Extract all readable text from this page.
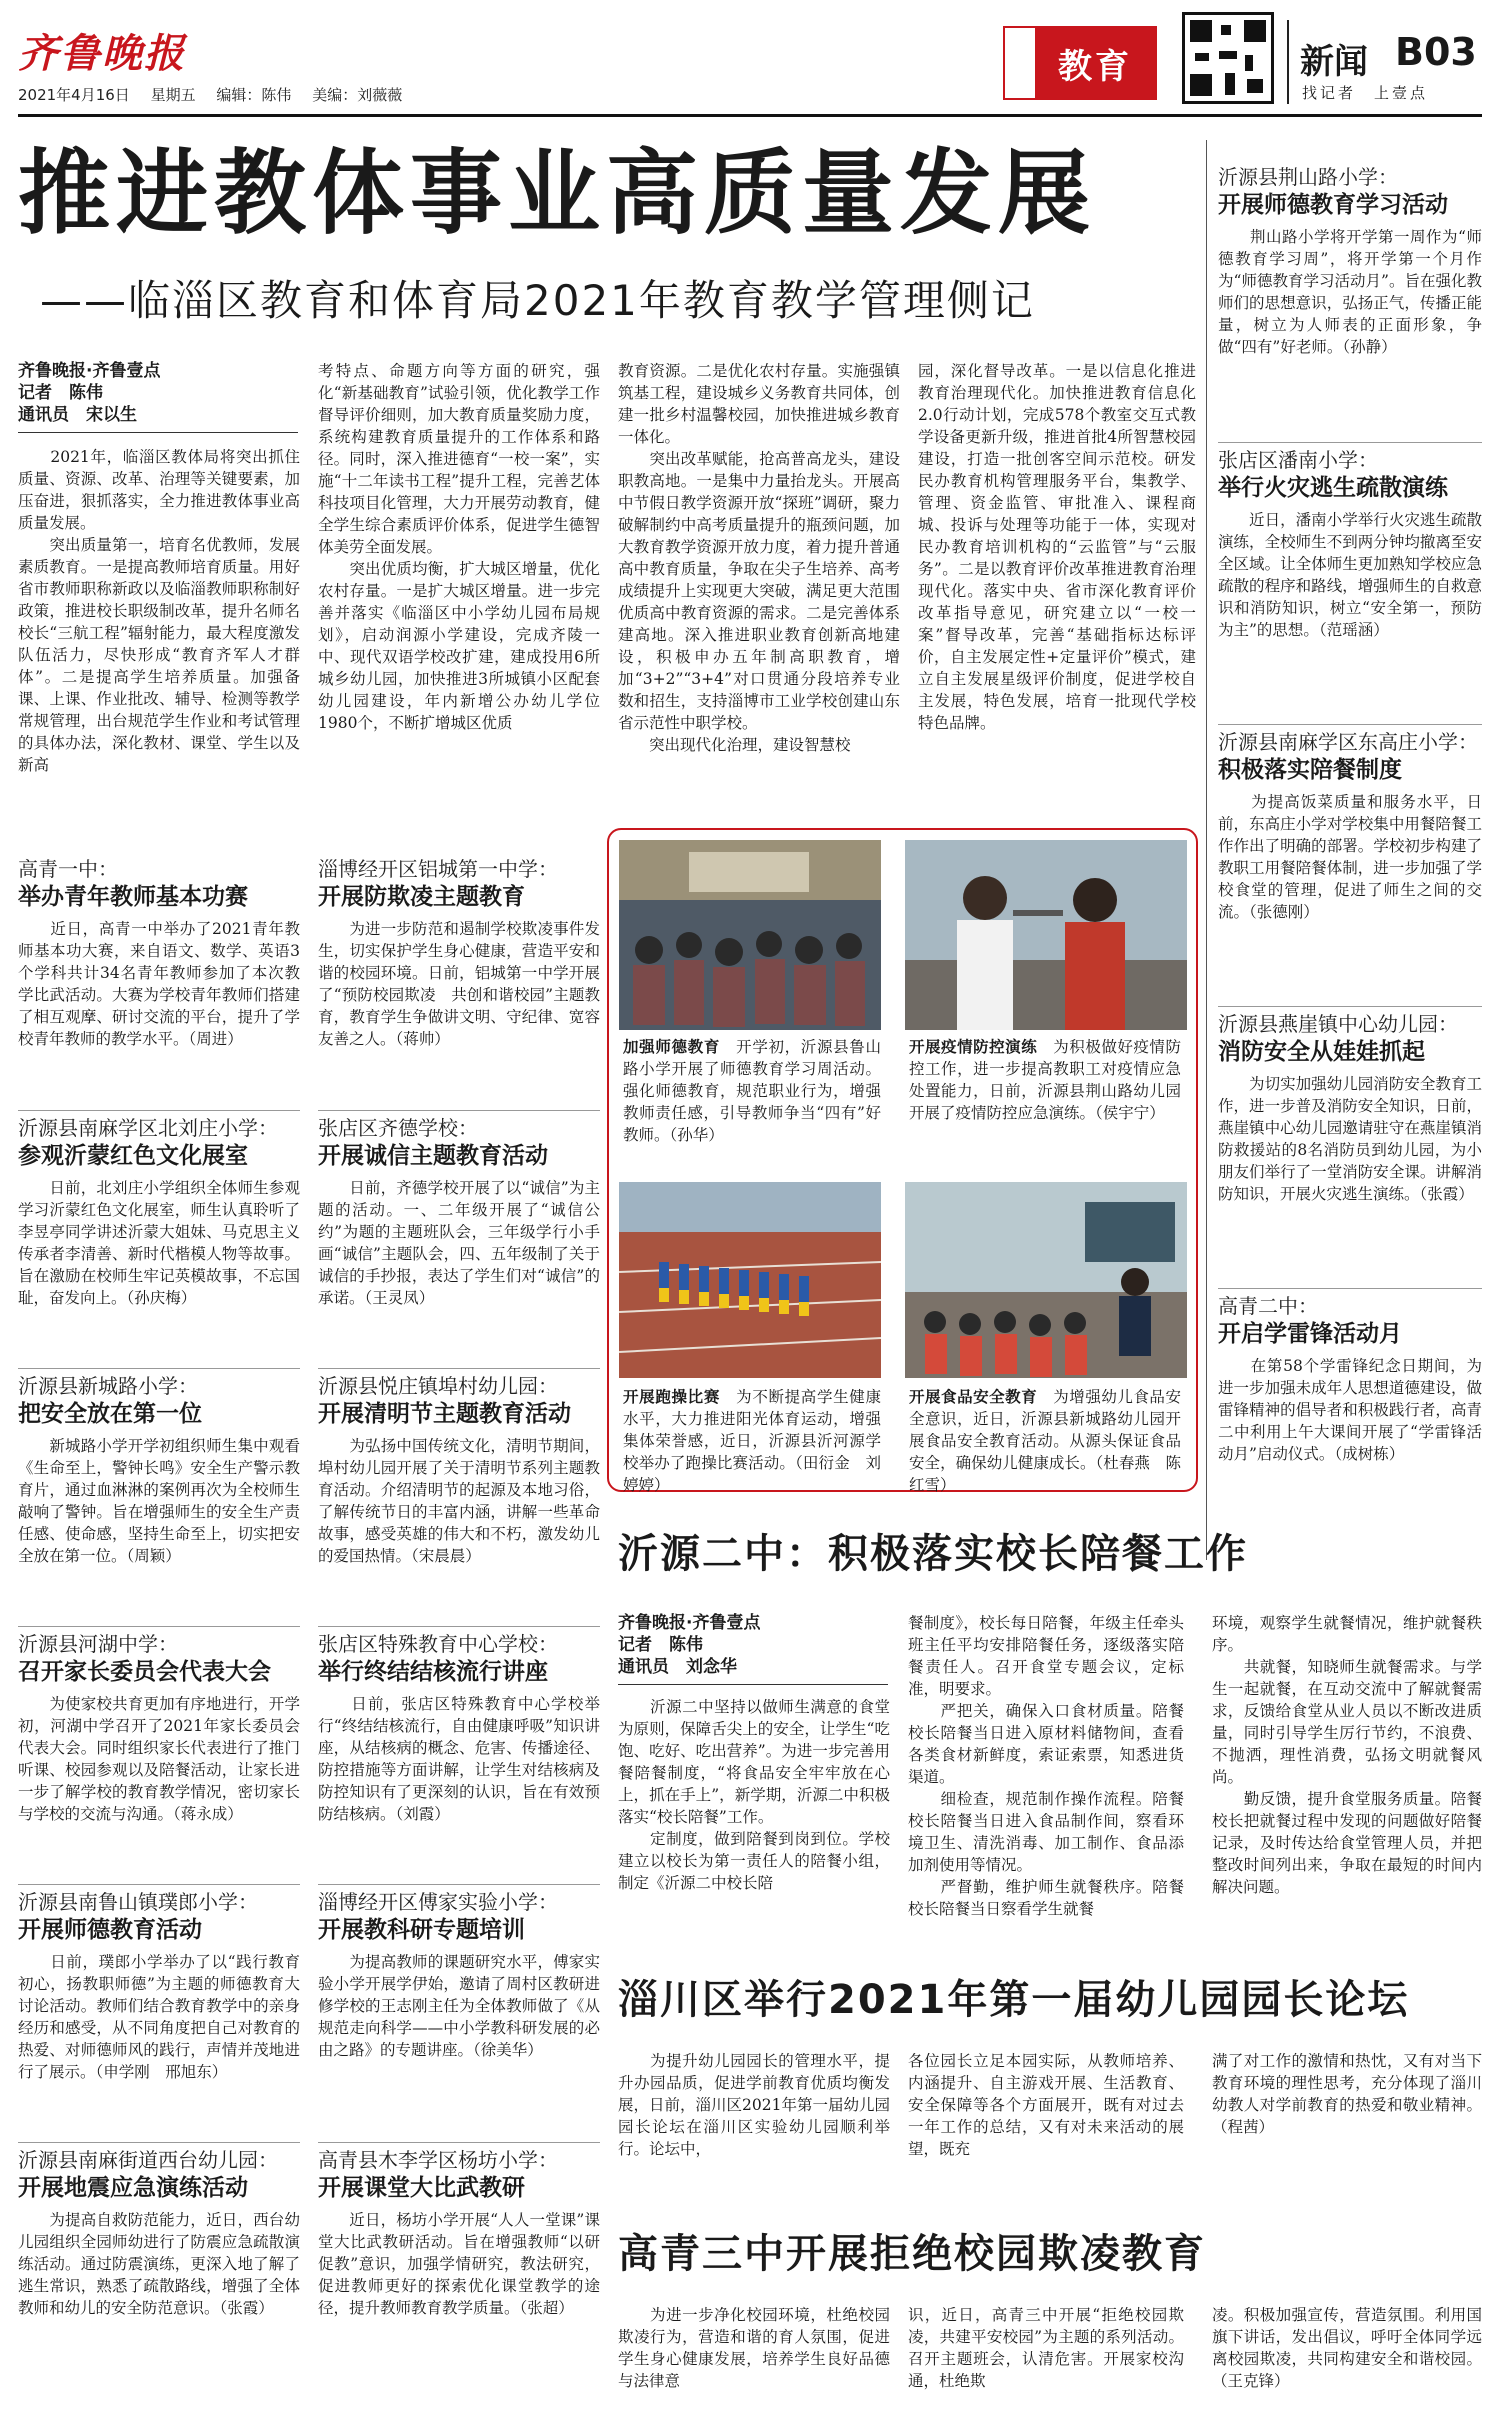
齐鲁晚报
2021年4月16日 星期五 编辑：陈伟 美编：刘薇薇
教育	新闻 B03
找记者　上壹点
推进教体事业高质量发展
——临淄区教育和体育局2021年教育教学管理侧记
齐鲁晚报·齐鲁壹点
记者　陈伟
通讯员　宋以生
　　2021年，临淄区教体局将突出抓住质量、资源、改革、治理等关键要素，加压奋进，狠抓落实，全力推进教体事业高质量发展。
　　突出质量第一，培育名优教师，发展素质教育。一是提高教师培育质量。用好省市教师职称新政以及临淄教师职称制好政策，推进校长职级制改革，提升名师名校长“三航工程”辐射能力，最大程度激发队伍活力，尽快形成“教育齐军人才群体”。二是提高学生培养质量。加强备课、上课、作业批改、辅导、检测等教学常规管理，出台规范学生作业和考试管理的具体办法，深化教材、课堂、学生以及新高
考特点、命题方向等方面的研究，强化“新基础教育”试验引领，优化教学工作督导评价细则，加大教育质量奖励力度，系统构建教育质量提升的工作体系和路径。同时，深入推进德育“一校一案”，实施“十二年读书工程”提升工程，完善艺体科技项目化管理，大力开展劳动教育，健全学生综合素质评价体系，促进学生德智体美劳全面发展。
　　突出优质均衡，扩大城区增量，优化农村存量。一是扩大城区增量。进一步完善并落实《临淄区中小学幼儿园布局规划》，启动润源小学建设，完成齐陵一中、现代双语学校改扩建，建成投用6所城乡幼儿园，加快推进3所城镇小区配套幼儿园建设，年内新增公办幼儿学位1980个，不断扩增城区优质
教育资源。二是优化农村存量。实施强镇筑基工程，建设城乡义务教育共同体，创建一批乡村温馨校园，加快推进城乡教育一体化。
　　突出改革赋能，抢高普高龙头，建设职教高地。一是集中力量抬龙头。开展高中节假日教学资源开放“探班”调研，聚力破解制约中高考质量提升的瓶颈问题，加大教育教学资源开放力度，着力提升普通高中教育质量，争取在尖子生培养、高考成绩提升上实现更大突破，满足更大范围优质高中教育资源的需求。二是完善体系建高地。深入推进职业教育创新高地建设，积极申办五年制高职教育，增加“3+2”“3+4”对口贯通分段培养专业数和招生，支持淄博市工业学校创建山东省示范性中职学校。
　　突出现代化治理，建设智慧校
园，深化督导改革。一是以信息化推进教育治理现代化。加快推进教育信息化2.0行动计划，完成578个教室交互式教学设备更新升级，推进首批4所智慧校园建设，打造一批创客空间示范校。研发民办教育机构管理服务平台，集教学、管理、资金监管、审批准入、课程商城、投诉与处理等功能于一体，实现对民办教育培训机构的“云监管”与“云服务”。二是以教育评价改革推进教育治理现代化。落实中央、省市深化教育评价改革指导意见，研究建立以“一校一案”督导改革，完善“基础指标达标评价，自主发展定性+定量评价”模式，建立自主发展星级评价制度，促进学校自主发展，特色发展，培育一批现代学校特色品牌。
高青一中：
举办青年教师基本功赛
　　近日，高青一中举办了2021青年教师基本功大赛，来自语文、数学、英语3个学科共计34名青年教师参加了本次教学比武活动。大赛为学校青年教师们搭建了相互观摩、研讨交流的平台，提升了学校青年教师的教学水平。（周进）
沂源县南麻学区北刘庄小学：
参观沂蒙红色文化展室
　　日前，北刘庄小学组织全体师生参观学习沂蒙红色文化展室，师生认真聆听了李昱亭同学讲述沂蒙大姐妹、马克思主义传承者李清善、新时代楷模人物等故事。旨在激励在校师生牢记英模故事，不忘国耻，奋发向上。（孙庆梅）
沂源县新城路小学：
把安全放在第一位
　　新城路小学开学初组织师生集中观看《生命至上，警钟长鸣》安全生产警示教育片，通过血淋淋的案例再次为全校师生敲响了警钟。旨在增强师生的安全生产责任感、使命感，坚持生命至上，切实把安全放在第一位。（周颖）
沂源县河湖中学：
召开家长委员会代表大会
　　为使家校共育更加有序地进行，开学初，河湖中学召开了2021年家长委员会代表大会。同时组织家长代表进行了推门听课、校园参观以及陪餐活动，让家长进一步了解学校的教育教学情况，密切家长与学校的交流与沟通。（蒋永成）
沂源县南鲁山镇璞郎小学：
开展师德教育活动
　　日前，璞郎小学举办了以“践行教育初心，扬教职师德”为主题的师德教育大讨论活动。教师们结合教育教学中的亲身经历和感受，从不同角度把自己对教育的热爱、对师德师风的践行，声情并茂地进行了展示。（申学刚　邢旭东）
沂源县南麻街道西台幼儿园：
开展地震应急演练活动
　　为提高自救防范能力，近日，西台幼儿园组织全园师幼进行了防震应急疏散演练活动。通过防震演练，更深入地了解了逃生常识，熟悉了疏散路线，增强了全体教师和幼儿的安全防范意识。（张霞）
淄博经开区铝城第一中学：
开展防欺凌主题教育
　　为进一步防范和遏制学校欺凌事件发生，切实保护学生身心健康，营造平安和谐的校园环境。日前，铝城第一中学开展了“预防校园欺凌　共创和谐校园”主题教育，教育学生争做讲文明、守纪律、宽容友善之人。（蒋帅）
张店区齐德学校：
开展诚信主题教育活动
　　日前，齐德学校开展了以“诚信”为主题的活动。一、二年级开展了“诚信公约”为题的主题班队会，三年级学行小手画“诚信”主题队会，四、五年级制了关于诚信的手抄报，表达了学生们对“诚信”的承诺。（王灵凤）
沂源县悦庄镇埠村幼儿园：
开展清明节主题教育活动
　　为弘扬中国传统文化，清明节期间，埠村幼儿园开展了关于清明节系列主题教育活动。介绍清明节的起源及本地习俗，了解传统节日的丰富内涵，讲解一些革命故事，感受英雄的伟大和不朽，激发幼儿的爱国热情。（宋晨晨）
张店区特殊教育中心学校：
举行终结结核流行讲座
　　日前，张店区特殊教育中心学校举行“终结结核流行，自由健康呼吸”知识讲座，从结核病的概念、危害、传播途径、防控措施等方面讲解，让学生对结核病及防控知识有了更深刻的认识，旨在有效预防结核病。（刘霞）
淄博经开区傅家实验小学：
开展教科研专题培训
　　为提高教师的课题研究水平，傅家实验小学开展学伊始，邀请了周村区教研进修学校的王志刚主任为全体教师做了《从规范走向科学——中小学教科研发展的必由之路》的专题讲座。（徐美华）
高青县木李学区杨坊小学：
开展课堂大比武教研
　　近日，杨坊小学开展“人人一堂课”课堂大比武教研活动。旨在增强教师“以研促教”意识，加强学情研究，教法研究，促进教师更好的探索优化课堂教学的途径，提升教师教育教学质量。（张超）
沂源县荆山路小学：
开展师德教育学习活动
　　荆山路小学将开学第一周作为“师德教育学习周”，将开学第一个月作为“师德教育学习活动月”。旨在强化教师们的思想意识，弘扬正气，传播正能量，树立为人师表的正面形象，争做“四有”好老师。（孙静）
张店区潘南小学：
举行火灾逃生疏散演练
　　近日，潘南小学举行火灾逃生疏散演练，全校师生不到两分钟均撤离至安全区域。让全体师生更加熟知学校应急疏散的程序和路线，增强师生的自救意识和消防知识，树立“安全第一，预防为主”的思想。（范瑶涵）
沂源县南麻学区东高庄小学：
积极落实陪餐制度
　　为提高饭菜质量和服务水平，日前，东高庄小学对学校集中用餐陪餐工作作出了明确的部署。学校初步构建了教职工用餐陪餐体制，进一步加强了学校食堂的管理，促进了师生之间的交流。（张德刚）
沂源县燕崖镇中心幼儿园：
消防安全从娃娃抓起
　　为切实加强幼儿园消防安全教育工作，进一步普及消防安全知识，日前，燕崖镇中心幼儿园邀请驻守在燕崖镇消防救援站的8名消防员到幼儿园，为小朋友们举行了一堂消防安全课。讲解消防知识，开展火灾逃生演练。（张霞）
高青二中：
开启学雷锋活动月
　　在第58个学雷锋纪念日期间，为进一步加强未成年人思想道德建设，做雷锋精神的倡导者和积极践行者，高青二中利用上午大课间开展了“学雷锋活动月”启动仪式。（成树栋）
加强师德教育　 开学初，沂源县鲁山路小学开展了师德教育学习周活动。强化师德教育，规范职业行为，增强教师责任感，引导教师争当“四有”好教师。（孙华）
开展疫情防控演练　 为积极做好疫情防控工作，进一步提高教职工对疫情应急处置能力，日前，沂源县荆山路幼儿园开展了疫情防控应急演练。（侯宇宁）
开展跑操比赛　 为不断提高学生健康水平，大力推进阳光体育运动，增强集体荣誉感，近日，沂源县沂河源学校举办了跑操比赛活动。（田衍金　刘婷婷）
开展食品安全教育　 为增强幼儿食品安全意识，近日，沂源县新城路幼儿园开展食品安全教育活动。从源头保证食品安全，确保幼儿健康成长。（杜春燕　陈红雪）
沂源二中：积极落实校长陪餐工作
齐鲁晚报·齐鲁壹点
记者　陈伟
通讯员　刘念华
　　沂源二中坚持以做师生满意的食堂为原则，保障舌尖上的安全，让学生“吃饱、吃好、吃出营养”。为进一步完善用餐陪餐制度，“将食品安全牢牢放在心上，抓在手上”，新学期，沂源二中积极落实“校长陪餐”工作。
　　定制度，做到陪餐到岗到位。学校建立以校长为第一责任人的陪餐小组，制定《沂源二中校长陪
餐制度》，校长每日陪餐，年级主任牵头班主任平均安排陪餐任务，逐级落实陪餐责任人。召开食堂专题会议，定标准，明要求。
　　严把关，确保入口食材质量。陪餐校长陪餐当日进入原材料储物间，查看各类食材新鲜度，索证索票，知悉进货渠道。
　　细检查，规范制作操作流程。陪餐校长陪餐当日进入食品制作间，察看环境卫生、清洗消毒、加工制作、食品添加剂使用等情况。
　　严督勤，维护师生就餐秩序。陪餐校长陪餐当日察看学生就餐
环境，观察学生就餐情况，维护就餐秩序。
　　共就餐，知晓师生就餐需求。与学生一起就餐，在互动交流中了解就餐需求，反馈给食堂从业人员以不断改进质量，同时引导学生厉行节约，不浪费、不抛洒，理性消费，弘扬文明就餐风尚。
　　勤反馈，提升食堂服务质量。陪餐校长把就餐过程中发现的问题做好陪餐记录，及时传达给食堂管理人员，并把整改时间列出来，争取在最短的时间内解决问题。
淄川区举行2021年第一届幼儿园园长论坛
　　为提升幼儿园园长的管理水平，提升办园品质，促进学前教育优质均衡发展，日前，淄川区2021年第一届幼儿园园长论坛在淄川区实验幼儿园顺利举行。论坛中，
各位园长立足本园实际，从教师培养、内涵提升、自主游戏开展、生活教育、安全保障等各个方面展开，既有对过去一年工作的总结，又有对未来活动的展望，既充
满了对工作的激情和热忱，又有对当下教育环境的理性思考，充分体现了淄川幼教人对学前教育的热爱和敬业精神。（程茜）
高青三中开展拒绝校园欺凌教育
　　为进一步净化校园环境，杜绝校园欺凌行为，营造和谐的育人氛围，促进学生身心健康发展，培养学生良好品德与法律意
识，近日，高青三中开展“拒绝校园欺凌，共建平安校园”为主题的系列活动。召开主题班会，认清危害。开展家校沟通，杜绝欺
凌。积极加强宣传，营造氛围。利用国旗下讲话，发出倡议，呼吁全体同学远离校园欺凌，共同构建安全和谐校园。（王克锋）
